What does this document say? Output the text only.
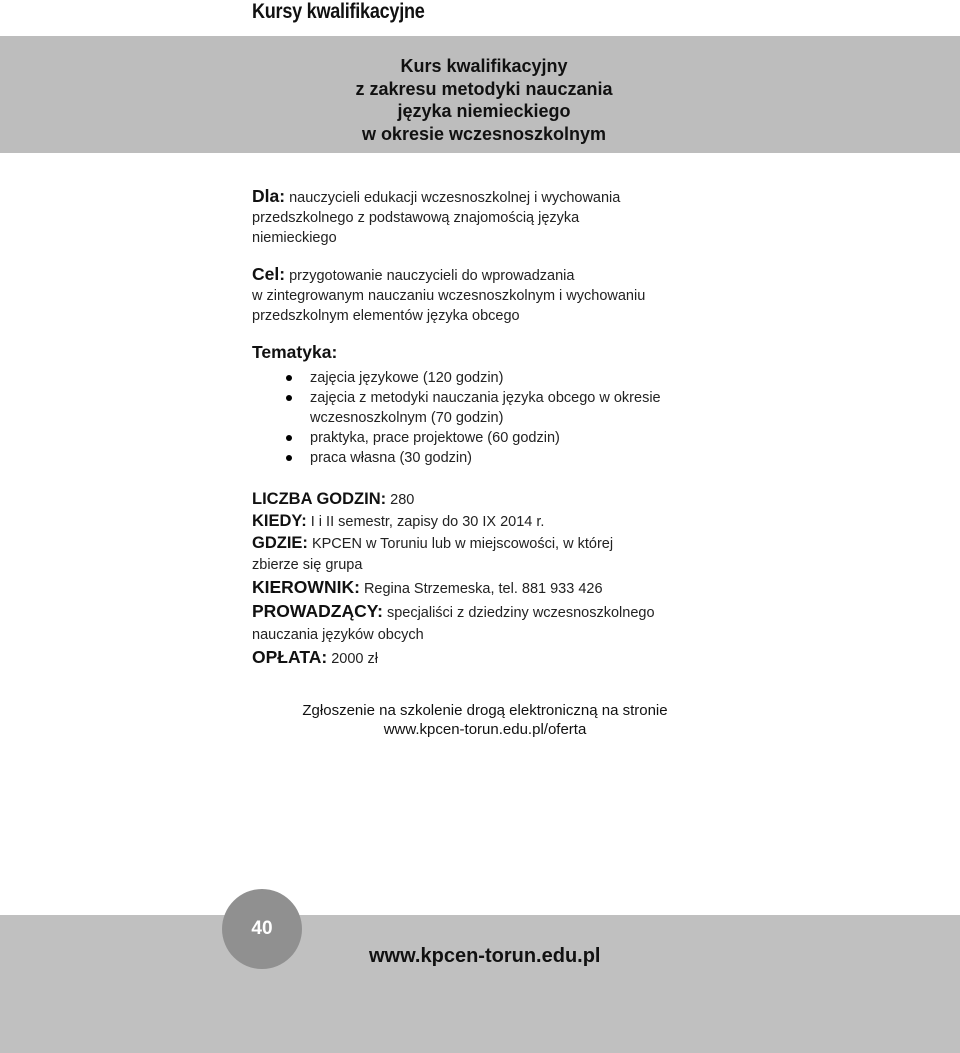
Kursy kwalifikacyjne
Kurs kwalifikacyjny
z zakresu metodyki nauczania
języka niemieckiego
w okresie wczesnoszkolnym
Dla: nauczycieli edukacji wczesnoszkolnej i wychowania
przedszkolnego z podstawową znajomością języka
niemieckiego
Cel: przygotowanie nauczycieli do wprowadzania
w zintegrowanym nauczaniu wczesnoszkolnym i wychowaniu
przedszkolnym elementów języka obcego
Tematyka:
zajęcia językowe (120 godzin)
zajęcia z metodyki nauczania języka obcego w okresie
wczesnoszkolnym (70 godzin)
praktyka, prace projektowe (60 godzin)
praca własna (30 godzin)
LICZBA GODZIN: 280
KIEDY: I i II semestr, zapisy do 30 IX 2014 r.
GDZIE: KPCEN w Toruniu lub w miejscowości, w której
zbierze się grupa
KIEROWNIK: Regina Strzemeska, tel. 881 933 426
PROWADZĄCY: specjaliści z dziedziny wczesnoszkolnego
nauczania języków obcych
OPŁATA: 2000 zł
Zgłoszenie na szkolenie drogą elektroniczną na stronie
www.kpcen-torun.edu.pl/oferta
40
www.kpcen-torun.edu.pl
